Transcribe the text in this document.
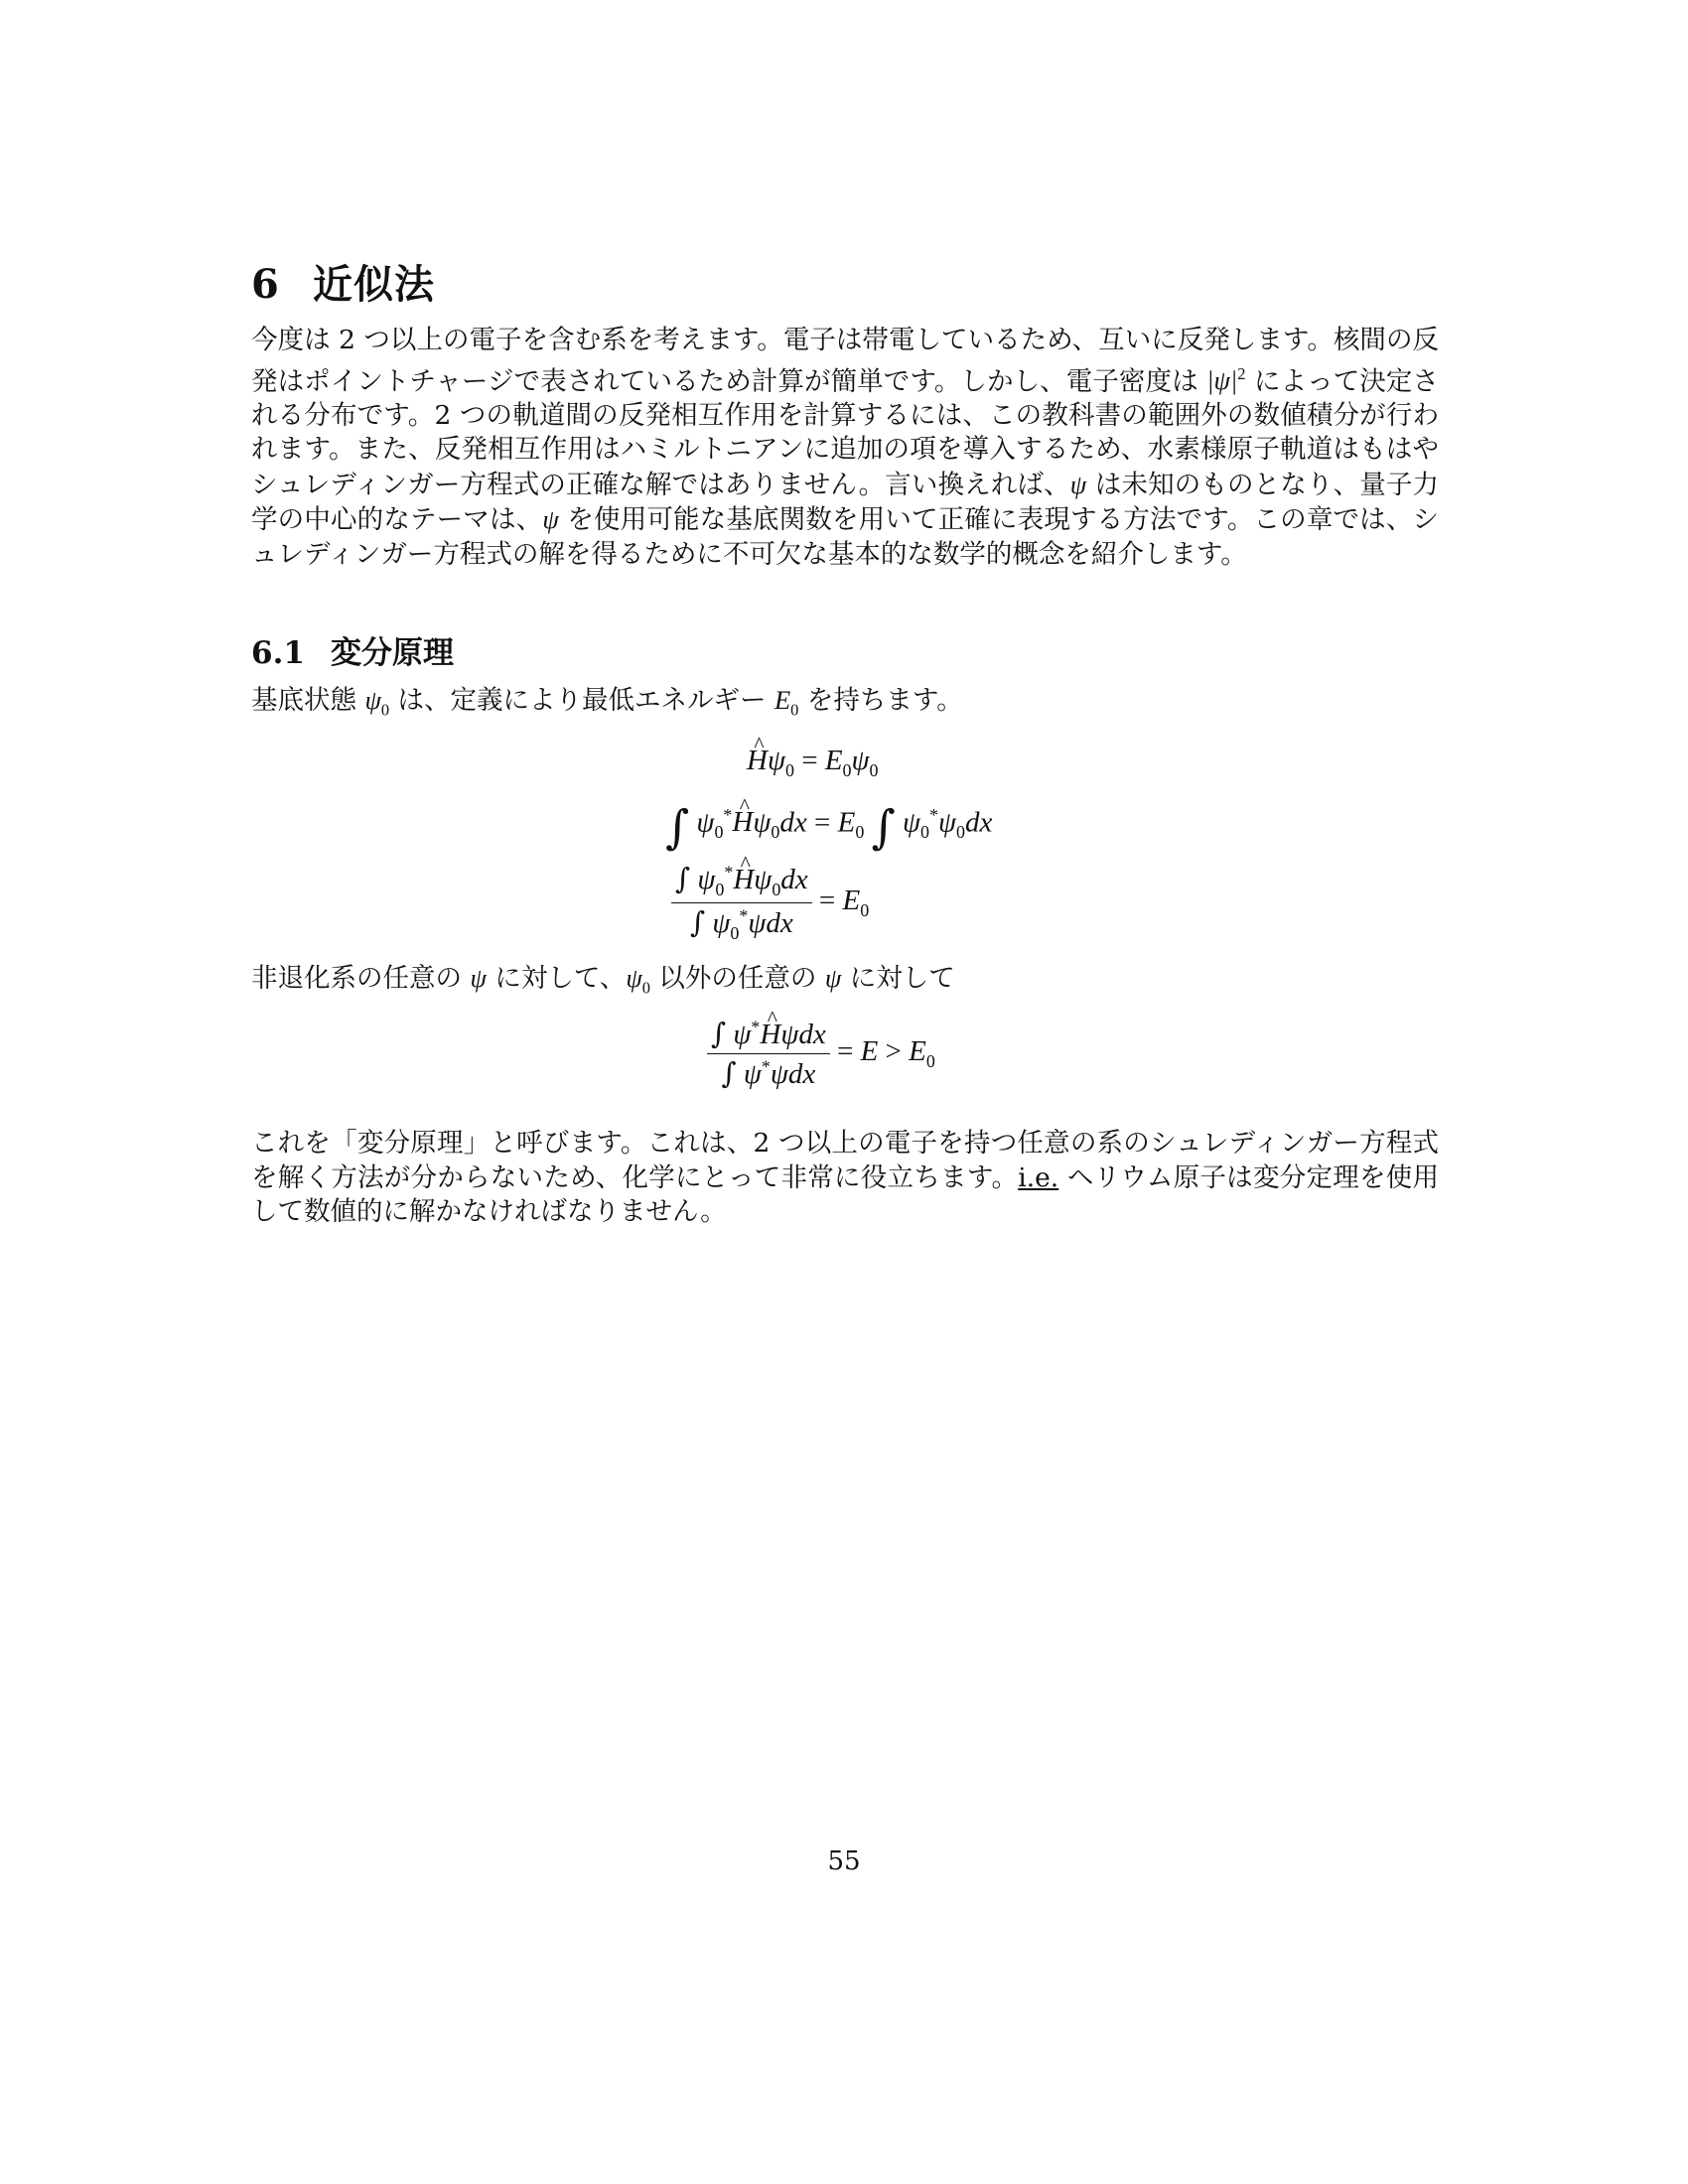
6 近似法
今度は 2 つ以上の電子を含む系を考えます。電子は帯電しているため、互いに反発します。核間の反発はポイントチャージで表されているため計算が簡単です。しかし、電子密度は $|\psi|^2$ によって決定される分布です。2 つの軌道間の反発相互作用を計算するには、この教科書の範囲外の数値積分が行われます。また、反発相互作用はハミルトニアンに追加の項を導入するため、水素様原子軌道はもはやシュレディンガー方程式の正確な解ではありません。言い換えれば、ψ は未知のものとなり、量子力学の中心的なテーマは、ψ を使用可能な基底関数を用いて正確に表現する方法です。この章では、シュレディンガー方程式の解を得るために不可欠な基本的な数学的概念を紹介します。
6.1 変分原理
基底状態 $\psi_0$ は、定義により最低エネルギー $E_0$ を持ちます。
^ $H\psi_0 = E_0\psi_0$
∫ $\psi_0^*\^{}$ $H\psi_0dx = E_0$ ∫ $\psi_0^*\psi_0dx$
$\frac{\int \psi_0^*\^{} H\psi_0dx}{\int \psi_0^*\psi dx} = E_0$
非退化系の任意の ψ に対して、$\psi_0$ 以外の任意の ψ に対して
$\frac{\int \psi^*\^{} H\psi dx}{\int \psi^*\psi dx} = E > E_0$
これを「変分原理」と呼びます。これは、2 つ以上の電子を持つ任意の系のシュレディンガー方程式を解く方法が分からないため、化学にとって非常に役立ちます。i.e. ヘリウム原子は変分定理を使用して数値的に解かなければなりません。
55
